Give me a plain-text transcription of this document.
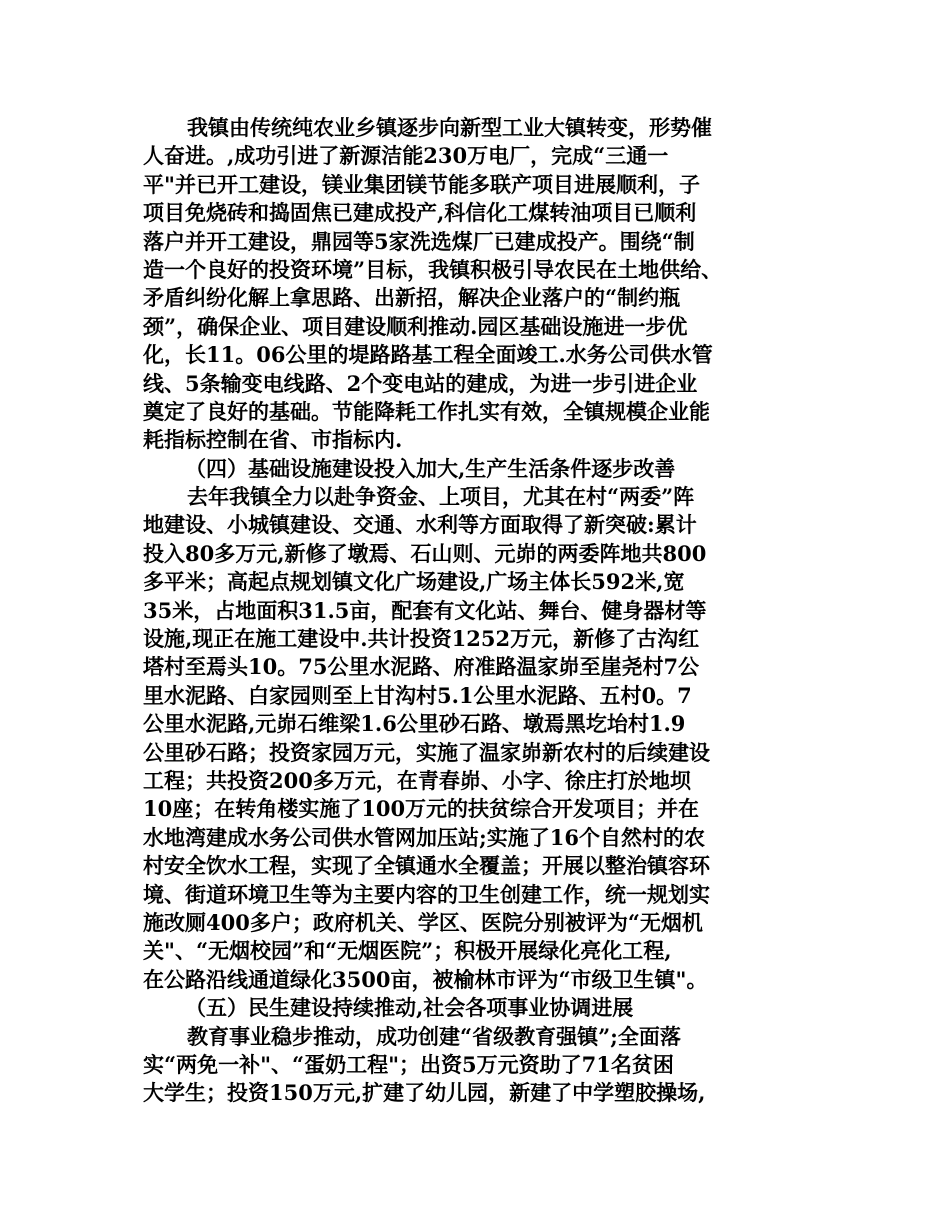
我镇由传统纯农业乡镇逐步向新型工业大镇转变，形势催
人奋进。,成功引进了新源洁能230万电厂，完成“三通一
平"并已开工建设，镁业集团镁节能多联产项目进展顺利，子
项目免烧砖和捣固焦已建成投产,科信化工煤转油项目已顺利
落户并开工建设，鼎园等5家洗选煤厂已建成投产。围绕“制
造一个良好的投资环境”目标，我镇积极引导农民在土地供给、
矛盾纠纷化解上拿思路、出新招，解决企业落户的“制约瓶
颈”，确保企业、项目建设顺利推动.园区基础设施进一步优
化，长11。06公里的堤路路基工程全面竣工.水务公司供水管
线、5条输变电线路、2个变电站的建成，为进一步引进企业
奠定了良好的基础。节能降耗工作扎实有效，全镇规模企业能
耗指标控制在省、市指标内.
（四）基础设施建设投入加大,生产生活条件逐步改善
去年我镇全力以赴争资金、上项目，尤其在村“两委”阵
地建设、小城镇建设、交通、水利等方面取得了新突破:累计
投入80多万元,新修了墩焉、石山则、元峁的两委阵地共800
多平米；高起点规划镇文化广场建设,广场主体长592米,宽
35米，占地面积31.5亩，配套有文化站、舞台、健身器材等
设施,现正在施工建设中.共计投资1252万元，新修了古沟红
塔村至焉头10。75公里水泥路、府准路温家峁至崖尧村7公
里水泥路、白家园则至上甘沟村5.1公里水泥路、五村0。7
公里水泥路,元峁石维梁1.6公里砂石路、墩焉黑圪坮村1.9
公里砂石路；投资家园万元，实施了温家峁新农村的后续建设
工程；共投资200多万元，在青春峁、小字、徐庄打於地坝
10座；在转角楼实施了100万元的扶贫综合开发项目；并在
水地湾建成水务公司供水管网加压站;实施了16个自然村的农
村安全饮水工程，实现了全镇通水全覆盖；开展以整治镇容环
境、街道环境卫生等为主要内容的卫生创建工作，统一规划实
施改厕400多户；政府机关、学区、医院分别被评为“无烟机
关"、“无烟校园”和“无烟医院”；积极开展绿化亮化工程,
在公路沿线通道绿化3500亩，被榆林市评为“市级卫生镇"。
（五）民生建设持续推动,社会各项事业协调进展
教育事业稳步推动，成功创建“省级教育强镇”;全面落
实“两免一补"、“蛋奶工程"；出资5万元资助了71名贫困
大学生；投资150万元,扩建了幼儿园，新建了中学塑胶操场,
